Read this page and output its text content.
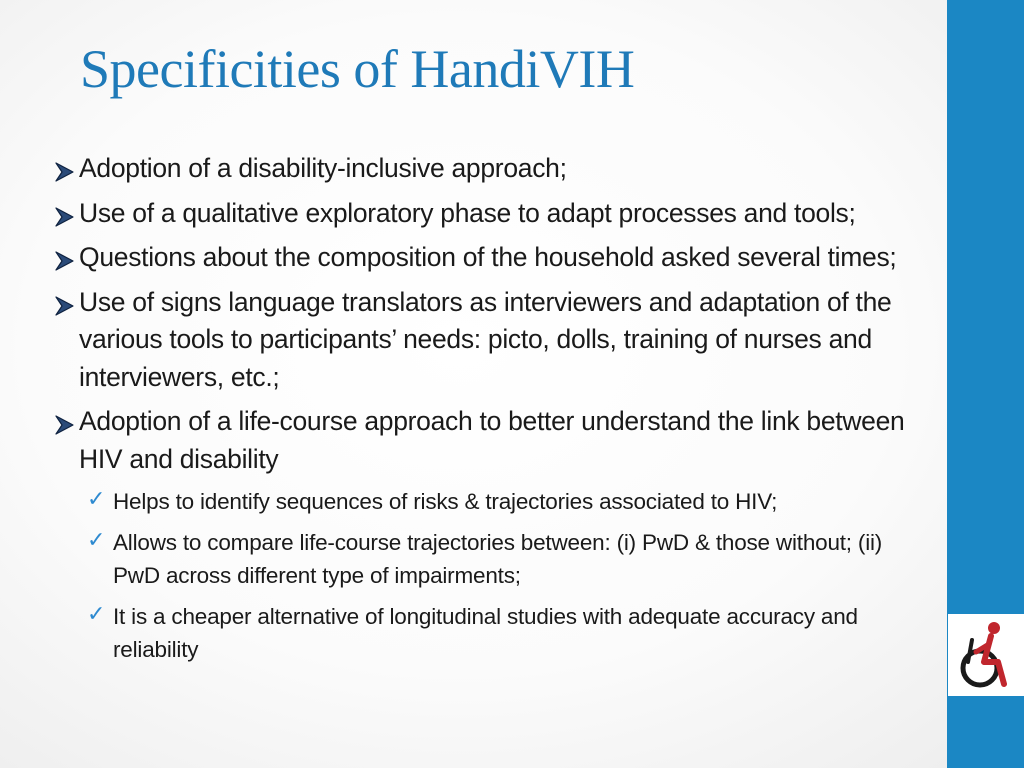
Specificities of HandiVIH
Adoption of a disability-inclusive approach;
Use of a qualitative exploratory phase to adapt processes and tools;
Questions about the composition of the household asked several times;
Use of signs language translators as interviewers and adaptation of the various tools to participants’ needs: picto, dolls, training of nurses and interviewers, etc.;
Adoption of a life-course approach to better understand the link between HIV and disability
✓ Helps to identify sequences of risks & trajectories associated to HIV;
✓ Allows to compare life-course trajectories between: (i) PwD & those without; (ii) PwD across different type of impairments;
✓ It is a cheaper alternative of longitudinal studies with adequate accuracy and reliability
